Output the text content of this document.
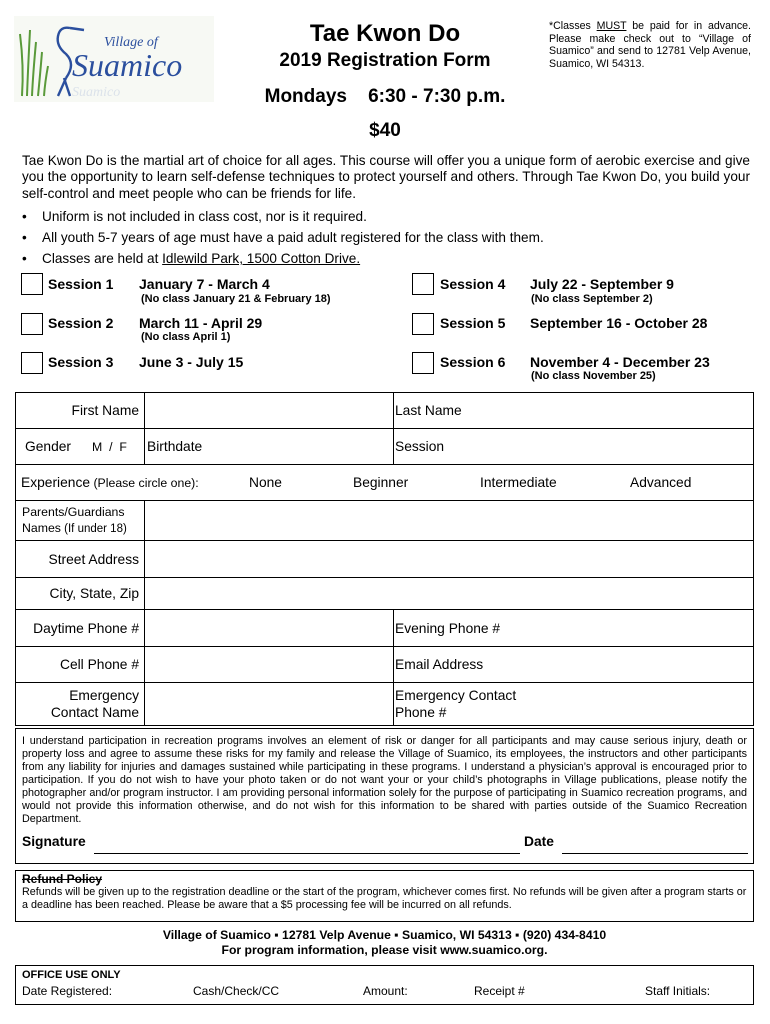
Village of
Suamico
Suamico
Tae Kwon Do
2019 Registration Form
Mondays    6:30 - 7:30 p.m.
$40
*Classes MUST be paid for in advance. Please make check out to “Village of Suamico” and send to 12781 Velp Avenue, Suamico, WI 54313.
Tae Kwon Do is the martial art of choice for all ages. This course will offer you a unique form of aerobic exercise and give you the opportunity to learn self-defense techniques to protect yourself and others. Through Tae Kwon Do, you build your self-control and meet people who can be friends for life.
• Uniform is not included in class cost, nor is it required.
• All youth 5-7 years of age must have a paid adult registered for the class with them.
• Classes are held at Idlewild Park, 1500 Cotton Drive.
Session 1 January 7 - March 4
(No class January 21 & February 18)
Session 2 March 11 - April 29
(No class April 1)
Session 3 June 3 - July 15
Session 4 July 22 - September 9
(No class September 2)
Session 5 September 16 - October 28
Session 6 November 4 - December 23
(No class November 25)
First Name	Last Name
Gender	M  /  F	Birthdate	Session
Experience (Please circle one):	None	Beginner	Intermediate	Advanced
Parents/Guardians
Names (If under 18)
Street Address
City, State, Zip
Daytime Phone #	Evening Phone #
Cell Phone #	Email Address
Emergency
Contact Name
Emergency Contact
Phone #
I understand participation in recreation programs involves an element of risk or danger for all participants and may cause serious injury, death or property loss and agree to assume these risks for my family and release the Village of Suamico, its employees, the instructors and other participants from any liability for injuries and damages sustained while participating in these programs. I understand a physician’s approval is encouraged prior to participation. If you do not wish to have your photo taken or do not want your or your child’s photographs in Village publications, please notify the photographer and/or program instructor. I am providing personal information solely for the purpose of participating in Suamico recreation programs, and would not provide this information otherwise, and do not wish for this information to be shared with parties outside of the Suamico Recreation Department.
Signature	Date
Refund Policy
Refunds will be given up to the registration deadline or the start of the program, whichever comes first. No refunds will be given after a program starts or a deadline has been reached. Please be aware that a $5 processing fee will be incurred on all refunds.
Village of Suamico ▪ 12781 Velp Avenue ▪ Suamico, WI 54313 ▪ (920) 434-8410
For program information, please visit www.suamico.org.
OFFICE USE ONLY
Date Registered:	Cash/Check/CC	Amount:	Receipt #	Staff Initials:
